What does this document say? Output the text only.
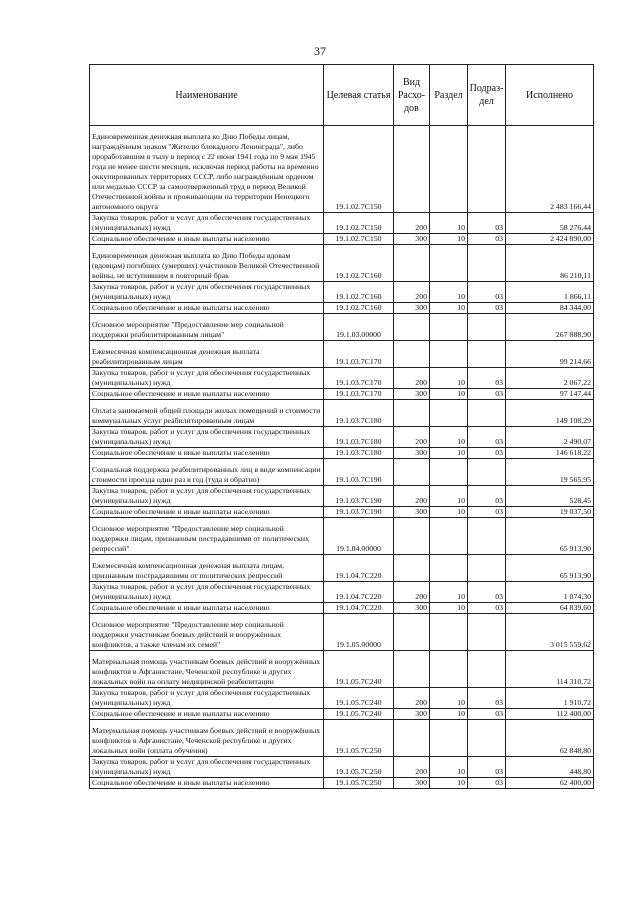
37
Наименование	Целевая статья	Вид Расхо-дов	Раздел	Подраз-дел	Исполнено
Единовременная денежная выплата ко Дню Победы лицам, награждённым знаком "Жителю блокадного Ленинграда", либо проработавшим в тылу в период с 22 июня 1941 года по 9 мая 1945 года не менее шести месяцев, исключая период работы на временно оккупированных территориях СССР, либо награждённым орденом или медалью СССР за самоотверженный труд в период Великой Отечественной войны и проживающим на территории Ненецкого автономного округа	19.1.02.7С150				2 483 166,44
Закупка товаров, работ и услуг для обеспечения государственных (муниципальных) нужд	19.1.02.7С150	200	10	03	58 276,44
Социальное обеспечение и иные выплаты населению	19.1.02.7С150	300	10	03	2 424 890,00
Единовременная денежная выплата ко Дню Победы вдовам (вдовцам) погибших (умерших) участников Великой Отечественной войны, не вступившим в повторный брак	19.1.02.7С160				86 210,11
Закупка товаров, работ и услуг для обеспечения государственных (муниципальных) нужд	19.1.02.7С160	200	10	03	1 866,11
Социальное обеспечение и иные выплаты населению	19.1.02.7С160	300	10	03	84 344,00
Основное мероприятие "Предоставление мер социальной поддержки реабилитированным лицам"	19.1.03.00000				267 888,90
Ежемесячная компенсационная денежная выплата реабилитированным лицам	19.1.03.7С170				99 214,66
Закупка товаров, работ и услуг для обеспечения государственных (муниципальных) нужд	19.1.03.7С170	200	10	03	2 067,22
Социальное обеспечение и иные выплаты населению	19.1.03.7С170	300	10	03	97 147,44
Оплата занимаемой общей площади жилых помещений и стоимости коммунальных услуг реабилитированным лицам	19.1.03.7С180				149 108,29
Закупка товаров, работ и услуг для обеспечения государственных (муниципальных) нужд	19.1.03.7С180	200	10	03	2 490,07
Социальное обеспечение и иные выплаты населению	19.1.03.7С180	300	10	03	146 618,22
Социальная поддержка реабилитированных лиц в виде компенсации стоимости проезда один раз в год (туда и обратно)	19.1.03.7С190				19 565,95
Закупка товаров, работ и услуг для обеспечения государственных (муниципальных) нужд	19.1.03.7С190	200	10	03	528,45
Социальное обеспечение и иные выплаты населению	19.1.03.7С190	300	10	03	19 037,50
Основное мероприятие "Предоставление мер социальной поддержки лицам, признанным пострадавшими от политических репрессий"	19.1.04.00000				65 913,90
Ежемесячная компенсационная денежная выплата лицам, признанным пострадавшими от политических репрессий	19.1.04.7С220				65 913,90
Закупка товаров, работ и услуг для обеспечения государственных (муниципальных) нужд	19.1.04.7С220	200	10	03	1 074,30
Социальное обеспечение и иные выплаты населению	19.1.04.7С220	300	10	03	64 839,60
Основное мероприятие "Предоставление мер социальной поддержки участникам боевых действий и вооружённых конфликтов, а также членам их семей"	19.1.05.00000				3 015 559,62
Материальная помощь участникам боевых действий и вооружённых конфликтов в Афганистане, Чеченской республике и других локальных войн на оплату медицинской реабилитации	19.1.05.7С240				114 310,72
Закупка товаров, работ и услуг для обеспечения государственных (муниципальных) нужд	19.1.05.7С240	200	10	03	1 910,72
Социальное обеспечение и иные выплаты населению	19.1.05.7С240	300	10	03	112 400,00
Материальная помощь участникам боевых действий и вооружённых конфликтов в Афганистане, Чеченской республике и других локальных войн (оплата обучения)	19.1.05.7С250				62 848,80
Закупка товаров, работ и услуг для обеспечения государственных (муниципальных) нужд	19.1.05.7С250	200	10	03	448,80
Социальное обеспечение и иные выплаты населению	19.1.05.7С250	300	10	03	62 400,00
